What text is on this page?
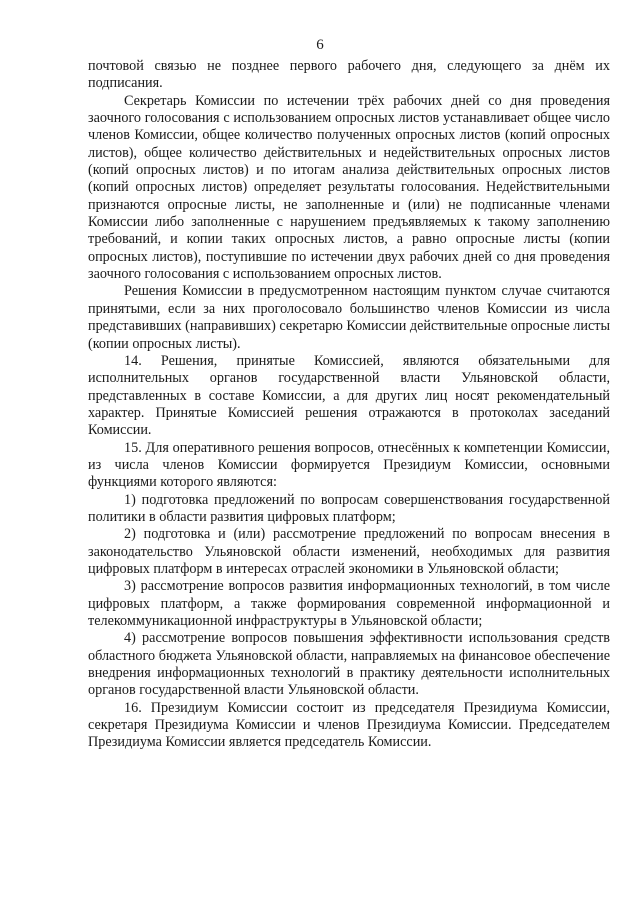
6

почтовой связью не позднее первого рабочего дня, следующего за днём их подписания.

Секретарь Комиссии по истечении трёх рабочих дней со дня проведения заочного голосования с использованием опросных листов устанавливает общее число членов Комиссии, общее количество полученных опросных листов (копий опросных листов), общее количество действительных и недействительных опросных листов (копий опросных листов) и по итогам анализа действительных опросных листов (копий опросных листов) определяет результаты голосования. Недействительными признаются опросные листы, не заполненные и (или) не подписанные членами Комиссии либо заполненные с нарушением предъявляемых к такому заполнению требований, и копии таких опросных листов, а равно опросные листы (копии опросных листов), поступившие по истечении двух рабочих дней со дня проведения заочного голосования с использованием опросных листов.

Решения Комиссии в предусмотренном настоящим пунктом случае считаются принятыми, если за них проголосовало большинство членов Комиссии из числа представивших (направивших) секретарю Комиссии действительные опросные листы (копии опросных листы).

14. Решения, принятые Комиссией, являются обязательными для исполнительных органов государственной власти Ульяновской области, представленных в составе Комиссии, а для других лиц носят рекомендательный характер. Принятые Комиссией решения отражаются в протоколах заседаний Комиссии.

15. Для оперативного решения вопросов, отнесённых к компетенции Комиссии, из числа членов Комиссии формируется Президиум Комиссии, основными функциями которого являются:

1) подготовка предложений по вопросам совершенствования государственной политики в области развития цифровых платформ;

2) подготовка и (или) рассмотрение предложений по вопросам внесения в законодательство Ульяновской области изменений, необходимых для развития цифровых платформ в интересах отраслей экономики в Ульяновской области;

3) рассмотрение вопросов развития информационных технологий, в том числе цифровых платформ, а также формирования современной информационной и телекоммуникационной инфраструктуры в Ульяновской области;

4) рассмотрение вопросов повышения эффективности использования средств областного бюджета Ульяновской области, направляемых на финансовое обеспечение внедрения информационных технологий в практику деятельности исполнительных органов государственной власти Ульяновской области.

16. Президиум Комиссии состоит из председателя Президиума Комиссии, секретаря Президиума Комиссии и членов Президиума Комиссии. Председателем Президиума Комиссии является председатель Комиссии.
